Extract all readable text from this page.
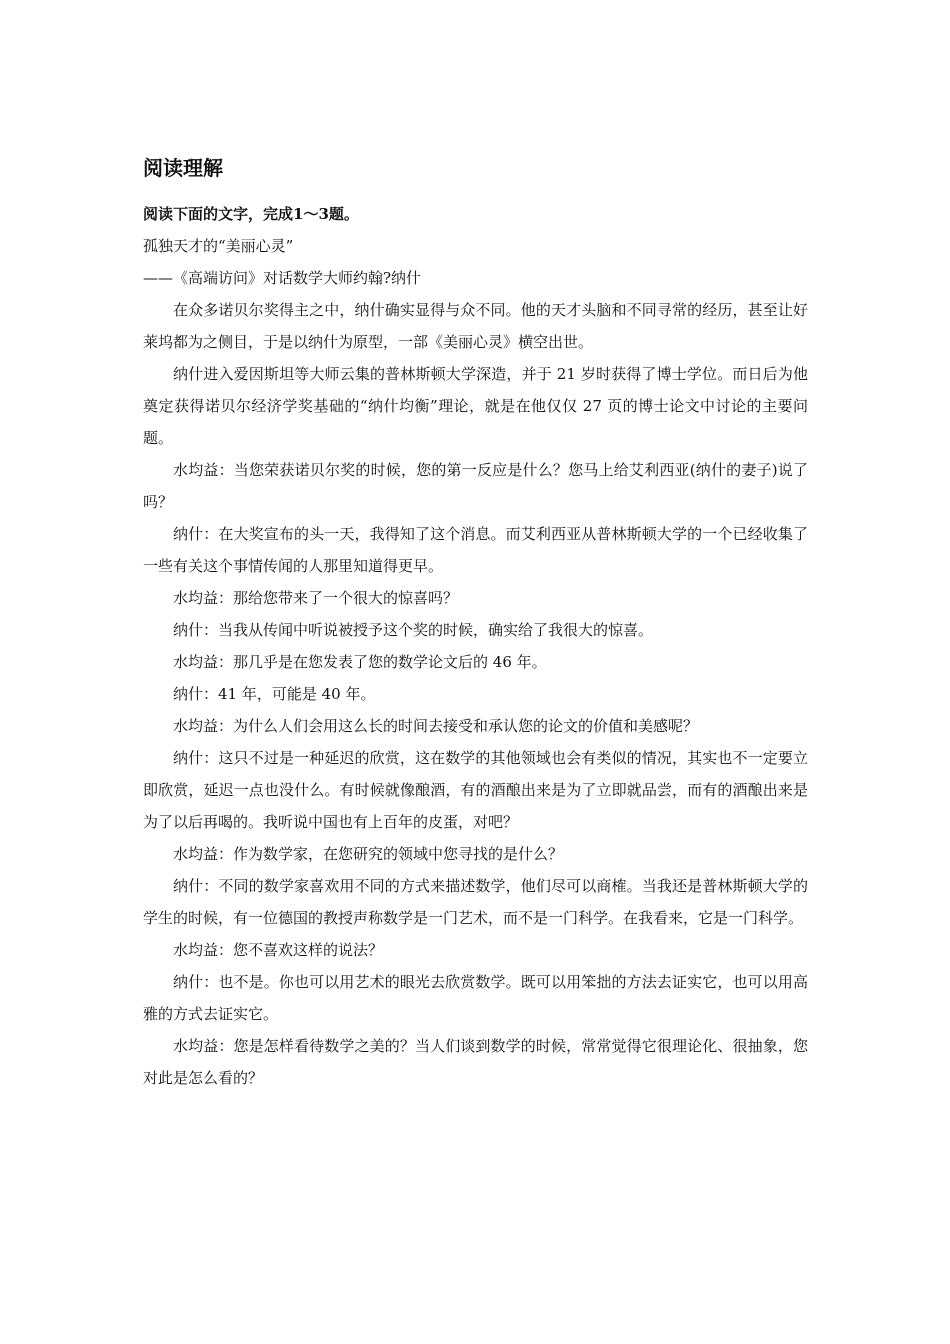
阅读理解

阅读下面的文字，完成1～3题。

孤独天才的“美丽心灵”

——《高端访问》对话数学大师约翰?纳什

在众多诺贝尔奖得主之中，纳什确实显得与众不同。他的天才头脑和不同寻常的经历，甚至让好莱坞都为之侧目，于是以纳什为原型，一部《美丽心灵》横空出世。

纳什进入爱因斯坦等大师云集的普林斯顿大学深造，并于 21 岁时获得了博士学位。而日后为他奠定获得诺贝尔经济学奖基础的“纳什均衡”理论，就是在他仅仅 27 页的博士论文中讨论的主要问题。

水均益：当您荣获诺贝尔奖的时候，您的第一反应是什么？您马上给艾利西亚(纳什的妻子)说了吗？

纳什：在大奖宣布的头一天，我得知了这个消息。而艾利西亚从普林斯顿大学的一个已经收集了一些有关这个事情传闻的人那里知道得更早。

水均益：那给您带来了一个很大的惊喜吗？

纳什：当我从传闻中听说被授予这个奖的时候，确实给了我很大的惊喜。

水均益：那几乎是在您发表了您的数学论文后的 46 年。

纳什：41 年，可能是 40 年。

水均益：为什么人们会用这么长的时间去接受和承认您的论文的价值和美感呢？

纳什：这只不过是一种延迟的欣赏，这在数学的其他领域也会有类似的情况，其实也不一定要立即欣赏，延迟一点也没什么。有时候就像酿酒，有的酒酿出来是为了立即就品尝，而有的酒酿出来是为了以后再喝的。我听说中国也有上百年的皮蛋，对吧？

水均益：作为数学家，在您研究的领域中您寻找的是什么？

纳什：不同的数学家喜欢用不同的方式来描述数学，他们尽可以商榷。当我还是普林斯顿大学的学生的时候，有一位德国的教授声称数学是一门艺术，而不是一门科学。在我看来，它是一门科学。

水均益：您不喜欢这样的说法？

纳什：也不是。你也可以用艺术的眼光去欣赏数学。既可以用笨拙的方法去证实它，也可以用高雅的方式去证实它。

水均益：您是怎样看待数学之美的？当人们谈到数学的时候，常常觉得它很理论化、很抽象，您对此是怎么看的？
